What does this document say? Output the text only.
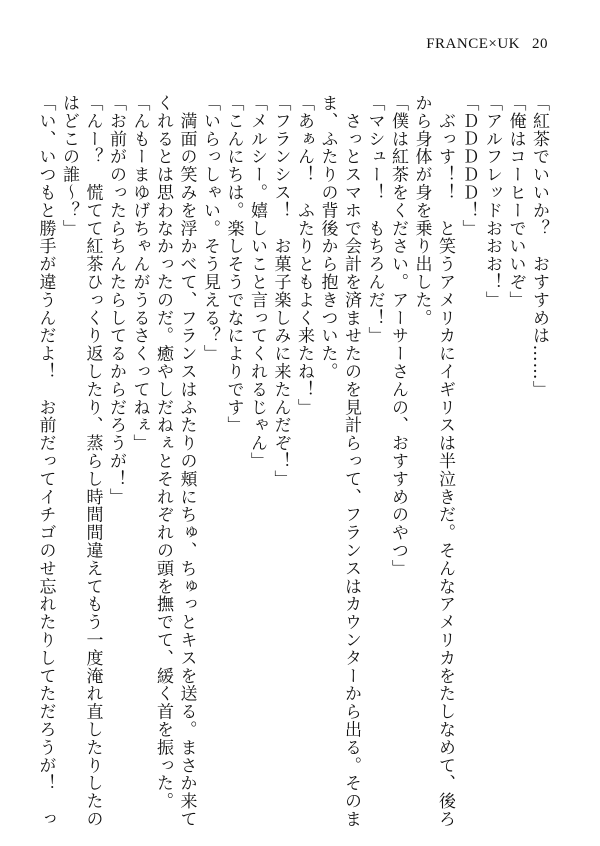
FRANCE×UK 20
「紅茶でいいか？　おすすめは……」
「俺はコーヒーでいいぞ」
「アルフレッドおおお！」
「ＤＤＤＤＤ！」
　ぶっす！！　と笑うアメリカにイギリスは半泣きだ。そんなアメリカをたしなめて、後ろ
から身体が身を乗り出した。
「僕は紅茶をください。アーサーさんの、おすすめのやつ」
「マシュー！　もちろんだ！」
　さっとスマホで会計を済ませたのを見計らって、フランスはカウンターから出る。そのま
ま、ふたりの背後から抱きついた。
「あぁん！　ふたりともよく来たね！」
「フランシス！　お菓子楽しみに来たんだぞ！」
「メルシー。嬉しいこと言ってくれるじゃん」
「こんにちは。楽しそうでなによりです」
「いらっしゃい。そう見える？」
　満面の笑みを浮かべて、フランスはふたりの頬にちゅ、ちゅっとキスを送る。まさか来て
くれるとは思わなかったのだ。癒やしだねぇとそれぞれの頭を撫でて、緩く首を振った。
「んもーまゆげちゃんがうるさくってねぇ」
「お前がのったらちんたらしてるからだろうが！」
「んー？　慌てて紅茶ひっくり返したり、蒸らし時間間違えてもう一度淹れ直したりしたの
はどこの誰～？」
「い、いつもと勝手が違うんだよ！　お前だってイチゴのせ忘れたりしてただろうが！　っ
